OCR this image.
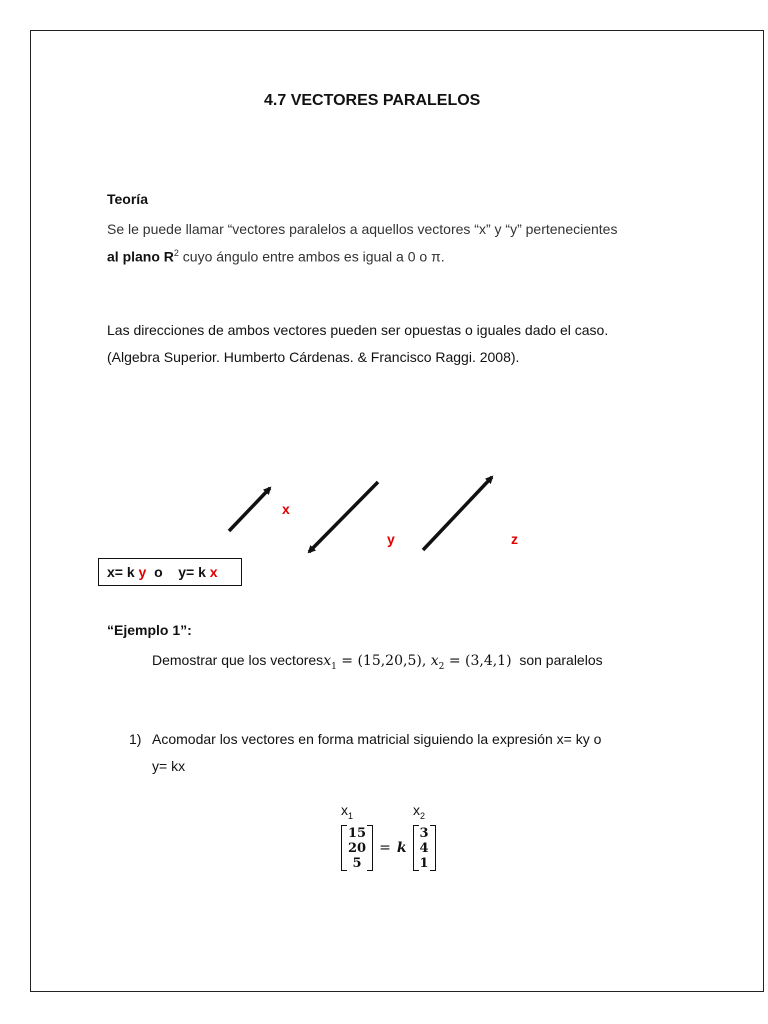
4.7 VECTORES PARALELOS
Teoría
Se le puede llamar “vectores paralelos a aquellos vectores “x” y “y” pertenecientes
al plano $R^2$ cuyo ángulo entre ambos es igual a 0 o π.
Las direcciones de ambos vectores pueden ser opuestas o iguales dado el caso.
(Algebra Superior. Humberto Cárdenas. & Francisco Raggi. 2008).
x
y	z
x= k y  o    y= k x
“Ejemplo 1”:
Demostrar que los vectoresx$_1$ = (15,20,5), $x_2 = (3,4,1)$  son paralelos
1) Acomodar los vectores en forma matricial siguiendo la expresión x= ky o
y= kx
$x_1$	$x_2$
15
20
5
= k
3
4
1
